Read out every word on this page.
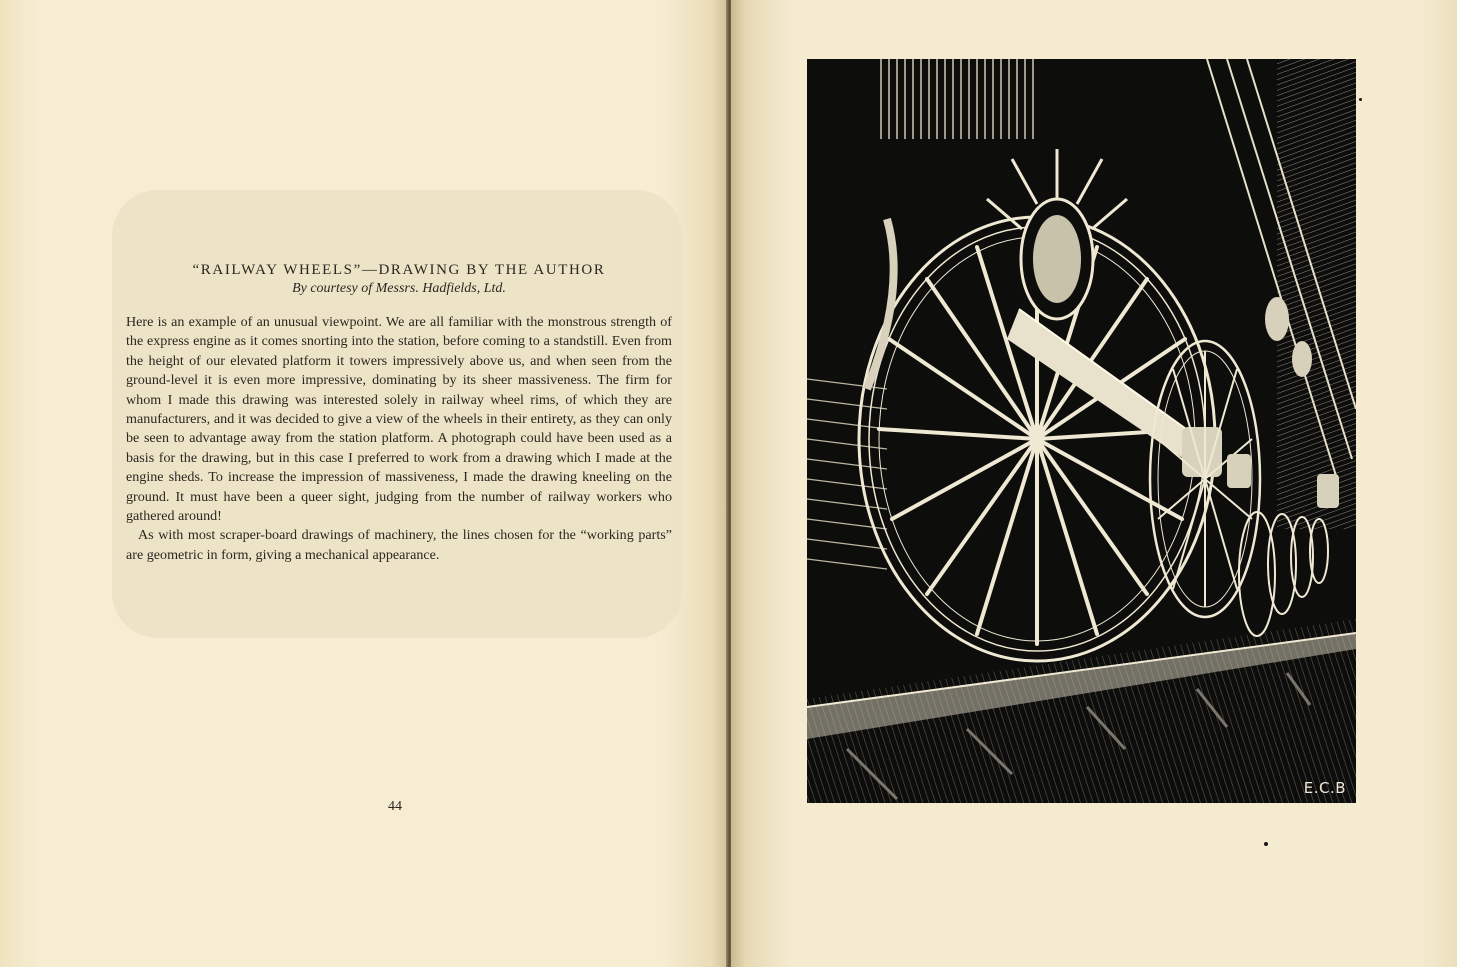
“RAILWAY WHEELS”—DRAWING BY THE AUTHOR

By courtesy of Messrs. Hadfields, Ltd.

Here is an example of an unusual viewpoint. We are all familiar with the monstrous strength of the express engine as it comes snorting into the station, before coming to a standstill. Even from the height of our elevated platform it towers impressively above us, and when seen from the ground-level it is even more impressive, dominating by its sheer massiveness. The firm for whom I made this drawing was interested solely in railway wheel rims, of which they are manufacturers, and it was decided to give a view of the wheels in their entirety, as they can only be seen to advantage away from the station platform. A photograph could have been used as a basis for the drawing, but in this case I preferred to work from a drawing which I made at the engine sheds. To increase the impression of massiveness, I made the drawing kneeling on the ground. It must have been a queer sight, judging from the number of railway workers who gathered around!

As with most scraper-board drawings of machinery, the lines chosen for the “working parts” are geometric in form, giving a mechanical appearance.

44
E.C.B
